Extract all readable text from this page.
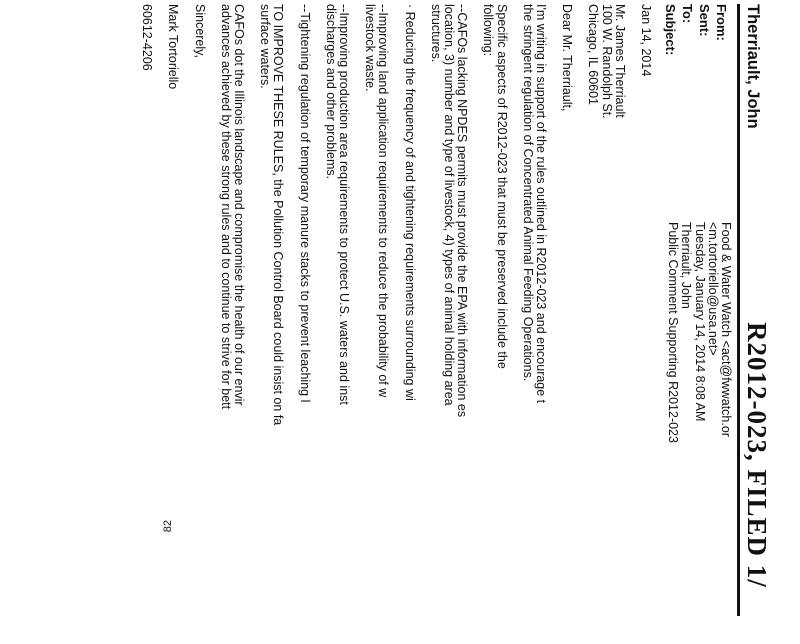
R2012-023, FILED 1/
Therriault, John
From:
Sent:
To:
Subject:
Food & Water Watch <act@fwwatch.or
<m.tortoriello@usa.net>
Tuesday, January 14, 2014 8:08 AM
Therriault, John
Public Comment Supporting R2012-023

Jan 14, 2014

Mr. James Therriault

100 W. Randolph St.

Chicago, IL 60601

Dear Mr. Therriault,

I'm writing in support of the rules outlined in R2012-023 and encourage t

the stringent regulation of Concentrated Animal Feeding Operations.

Specific aspects of R2012-023 that must be preserved include the

following:

--CAFOs lacking NPDES permits must provide the EPA with information es

location, 3) number and type of livestock, 4) types of animal holding area

structures.

· Reducing the frequency of and tightening requirements surrounding wi

--Improving land application requirements to reduce the probability of w

livestock waste.

--Improving production area requirements to protect U.S. waters and inst

discharges and other problems.

--Tightening regulation of temporary manure stacks to prevent leaching l

TO IMPROVE THESE RULES, the Pollution Control Board could insist on fa

surface waters.

CAFOs dot the Illinois landscape and compromise the health of our envir

advances achieved by these strong rules and to continue to strive for bett

Sincerely,

Mark Tortoriello

60612-4206

82
